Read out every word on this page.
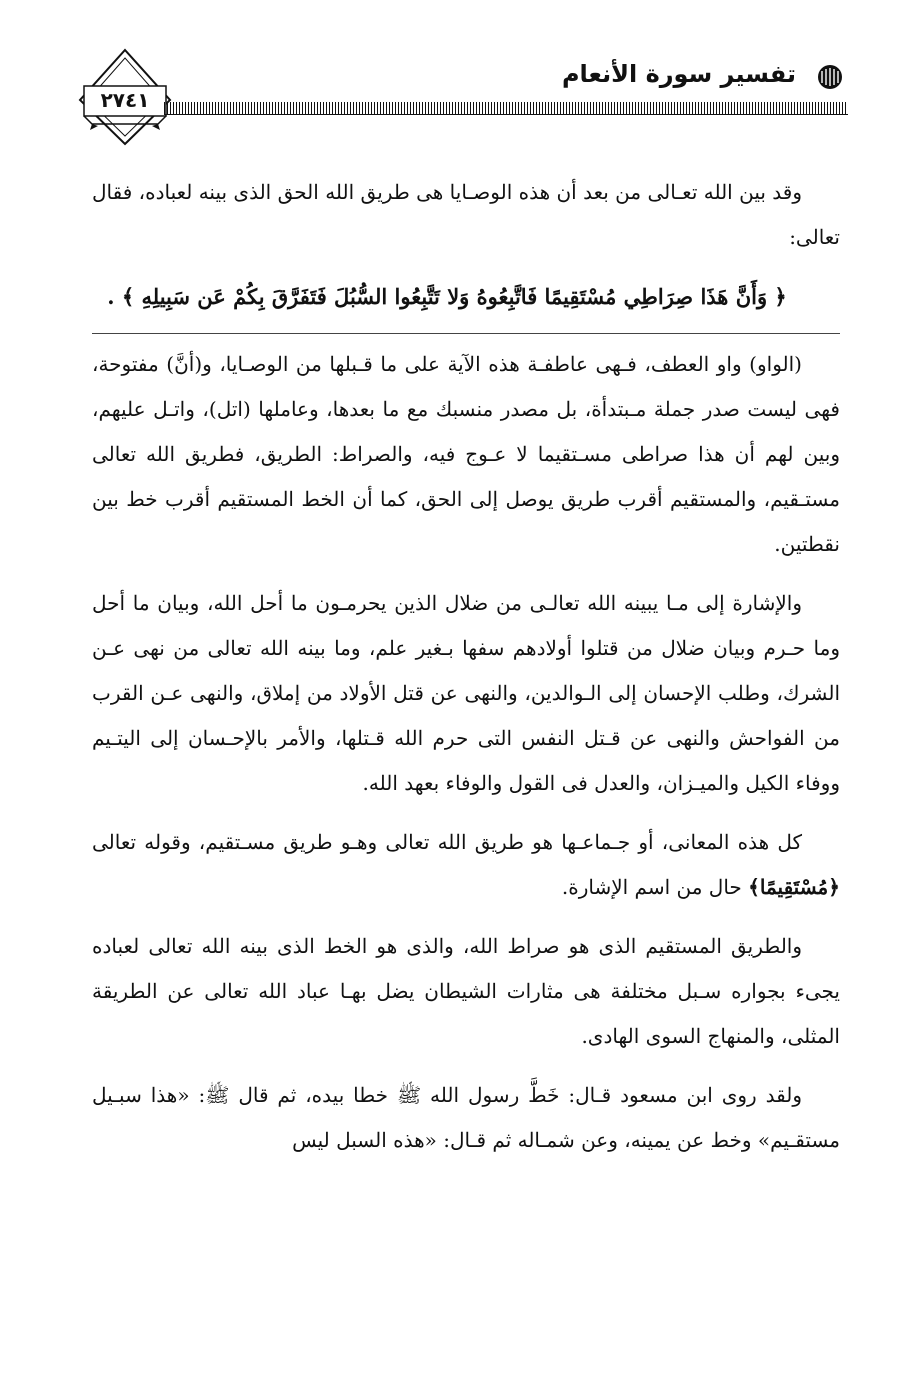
٢٧٤١
تفسير سورة الأنعام

وقد بين الله تعـالى من بعد أن هذه الوصـايا هى طريق الله الحق الذى بينه لعباده، فقال تعالى:

﴿ وَأَنَّ هَذَا صِرَاطِي مُسْتَقِيمًا فَاتَّبِعُوهُ وَلا تَتَّبِعُوا السُّبُلَ فَتَفَرَّقَ بِكُمْ عَن سَبِيلِهِ ﴾ .

(الواو) واو العطف، فـهى عاطفـة هذه الآية على ما قـبلها من الوصـايا، و(أنَّ) مفتوحة، فهى ليست صدر جملة مـبتدأة، بل مصدر منسبك مع ما بعدها، وعاملها (اتل)، واتـل عليهم، وبين لهم أن هذا صراطى مسـتقيما لا عـوج فيه، والصراط: الطريق، فطريق الله تعالى مستـقيم، والمستقيم أقرب طريق يوصل إلى الحق، كما أن الخط المستقيم أقرب خط بين نقطتين.

والإشارة إلى مـا يبينه الله تعالـى من ضلال الذين يحرمـون ما أحل الله، وبيان ما أحل وما حـرم وبيان ضلال من قتلوا أولادهم سفها بـغير علم، وما بينه الله تعالى من نهى عـن الشرك، وطلب الإحسان إلى الـوالدين، والنهى عن قتل الأولاد من إملاق، والنهى عـن القرب من الفواحش والنهى عن قـتل النفس التى حرم الله قـتلها، والأمر بالإحـسان إلى اليتـيم ووفاء الكيل والميـزان، والعدل فى القول والوفاء بعهد الله.

كل هذه المعانى، أو جـماعـها هو طريق الله تعالى وهـو طريق مسـتقيم، وقوله تعالى ﴿مُسْتَقِيمًا﴾ حال من اسم الإشارة.

والطريق المستقيم الذى هو صراط الله، والذى هو الخط الذى بينه الله تعالى لعباده يجىء بجواره سـبل مختلفة هى مثارات الشيطان يضل بهـا عباد الله تعالى عن الطريقة المثلى، والمنهاج السوى الهادى.

ولقد روى ابن مسعود قـال: خَطَّ رسول الله ﷺ خطا بيده، ثم قال ﷺ: «هذا سبـيل مستقـيم» وخط عن يمينه، وعن شمـاله ثم قـال: «هذه السبل ليس
